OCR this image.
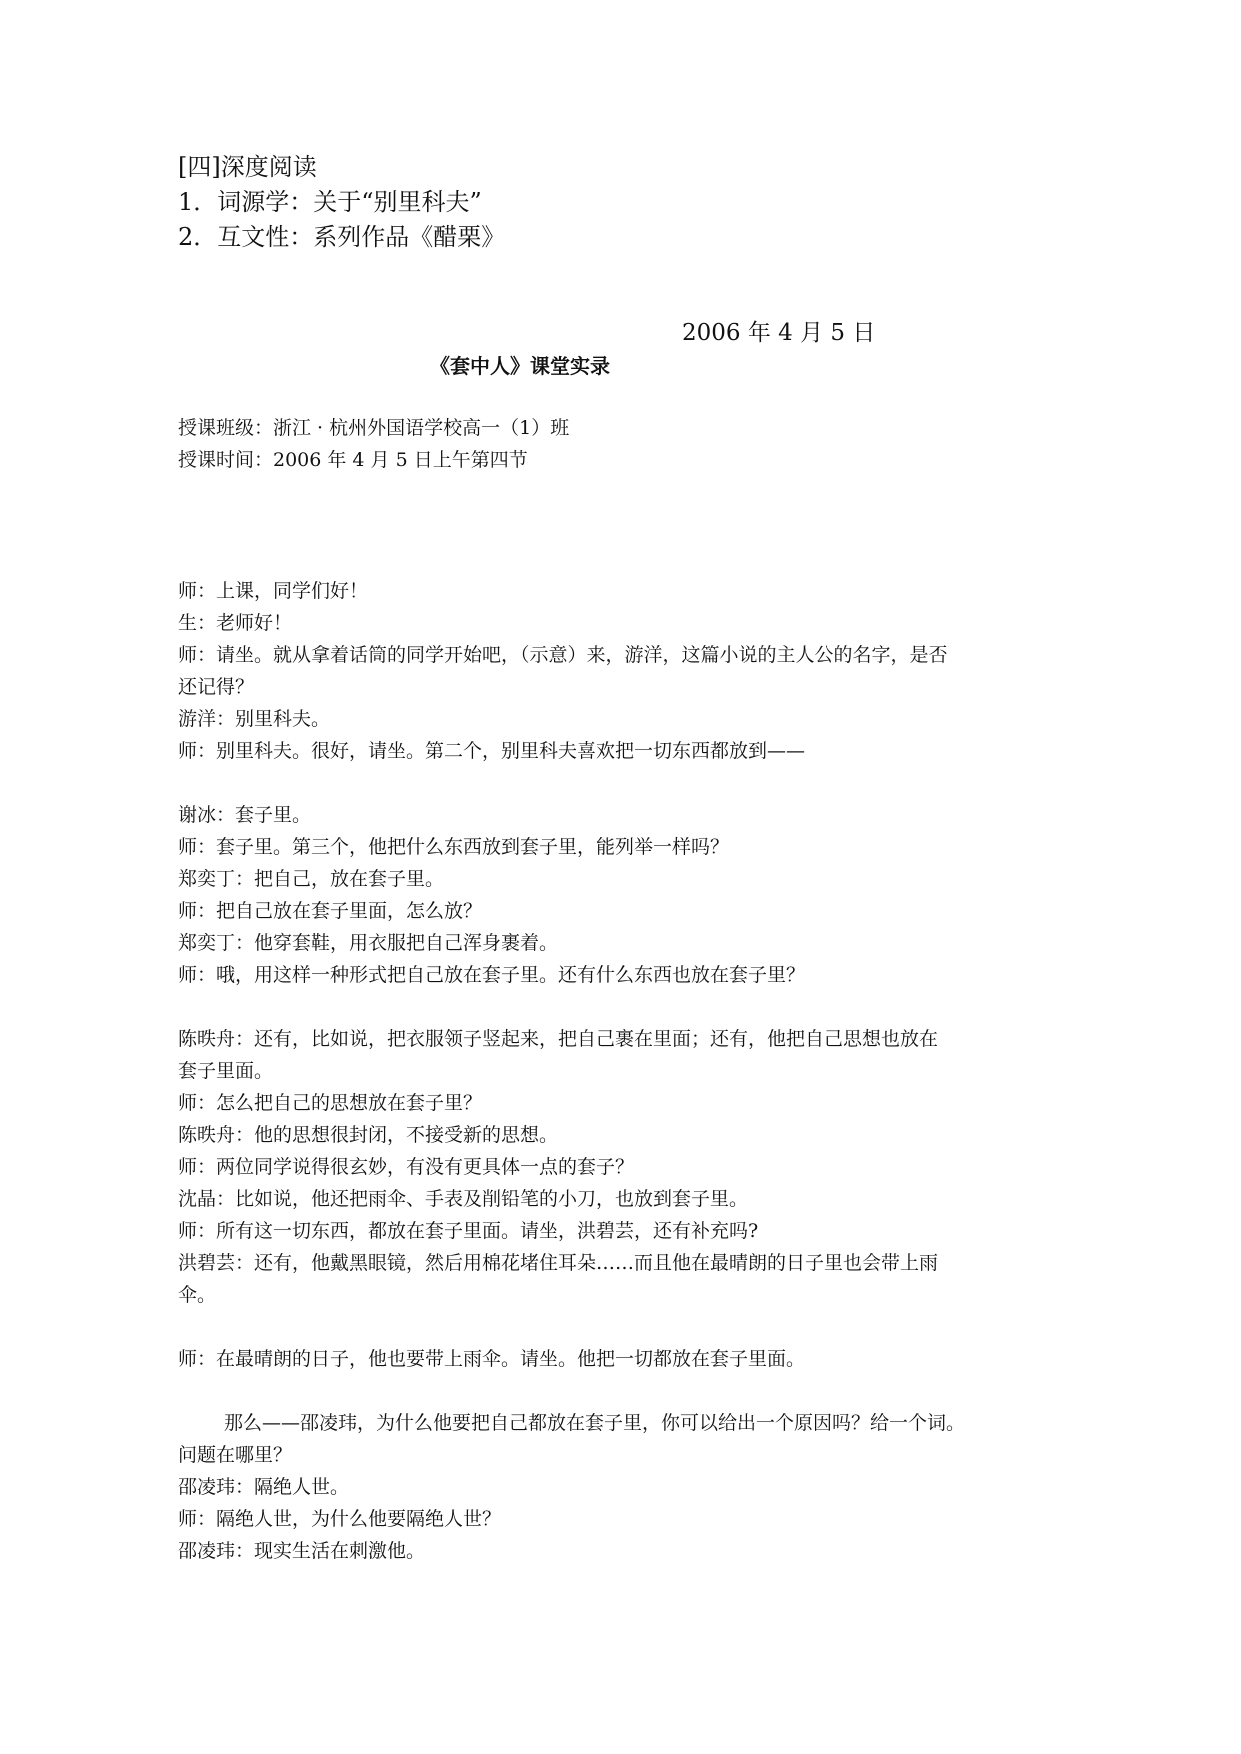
[四]深度阅读
1．词源学：关于“别里科夫”
2．互文性：系列作品《醋栗》
2006 年 4 月 5 日
《套中人》课堂实录
授课班级：浙江 · 杭州外国语学校高一（1）班
授课时间：2006 年 4 月 5 日上午第四节
师：上课，同学们好！
生：老师好！
师：请坐。就从拿着话筒的同学开始吧，（示意）来，游洋，这篇小说的主人公的名字，是否
还记得？
游洋：别里科夫。
师：别里科夫。很好，请坐。第二个，别里科夫喜欢把一切东西都放到——
谢冰：套子里。
师：套子里。第三个，他把什么东西放到套子里，能列举一样吗？
郑奕丁：把自己，放在套子里。
师：把自己放在套子里面，怎么放？
郑奕丁：他穿套鞋，用衣服把自己浑身裹着。
师：哦，用这样一种形式把自己放在套子里。还有什么东西也放在套子里？
陈昳舟：还有，比如说，把衣服领子竖起来，把自己裹在里面；还有，他把自己思想也放在
套子里面。
师：怎么把自己的思想放在套子里？
陈昳舟：他的思想很封闭，不接受新的思想。
师：两位同学说得很玄妙，有没有更具体一点的套子？
沈晶：比如说，他还把雨伞、手表及削铅笔的小刀，也放到套子里。
师：所有这一切东西，都放在套子里面。请坐，洪碧芸，还有补充吗?
洪碧芸：还有，他戴黑眼镜，然后用棉花堵住耳朵……而且他在最晴朗的日子里也会带上雨
伞。
师：在最晴朗的日子，他也要带上雨伞。请坐。他把一切都放在套子里面。
那么——邵凌玮，为什么他要把自己都放在套子里，你可以给出一个原因吗？给一个词。
问题在哪里？
邵凌玮：隔绝人世。
师：隔绝人世，为什么他要隔绝人世？
邵凌玮：现实生活在刺激他。
